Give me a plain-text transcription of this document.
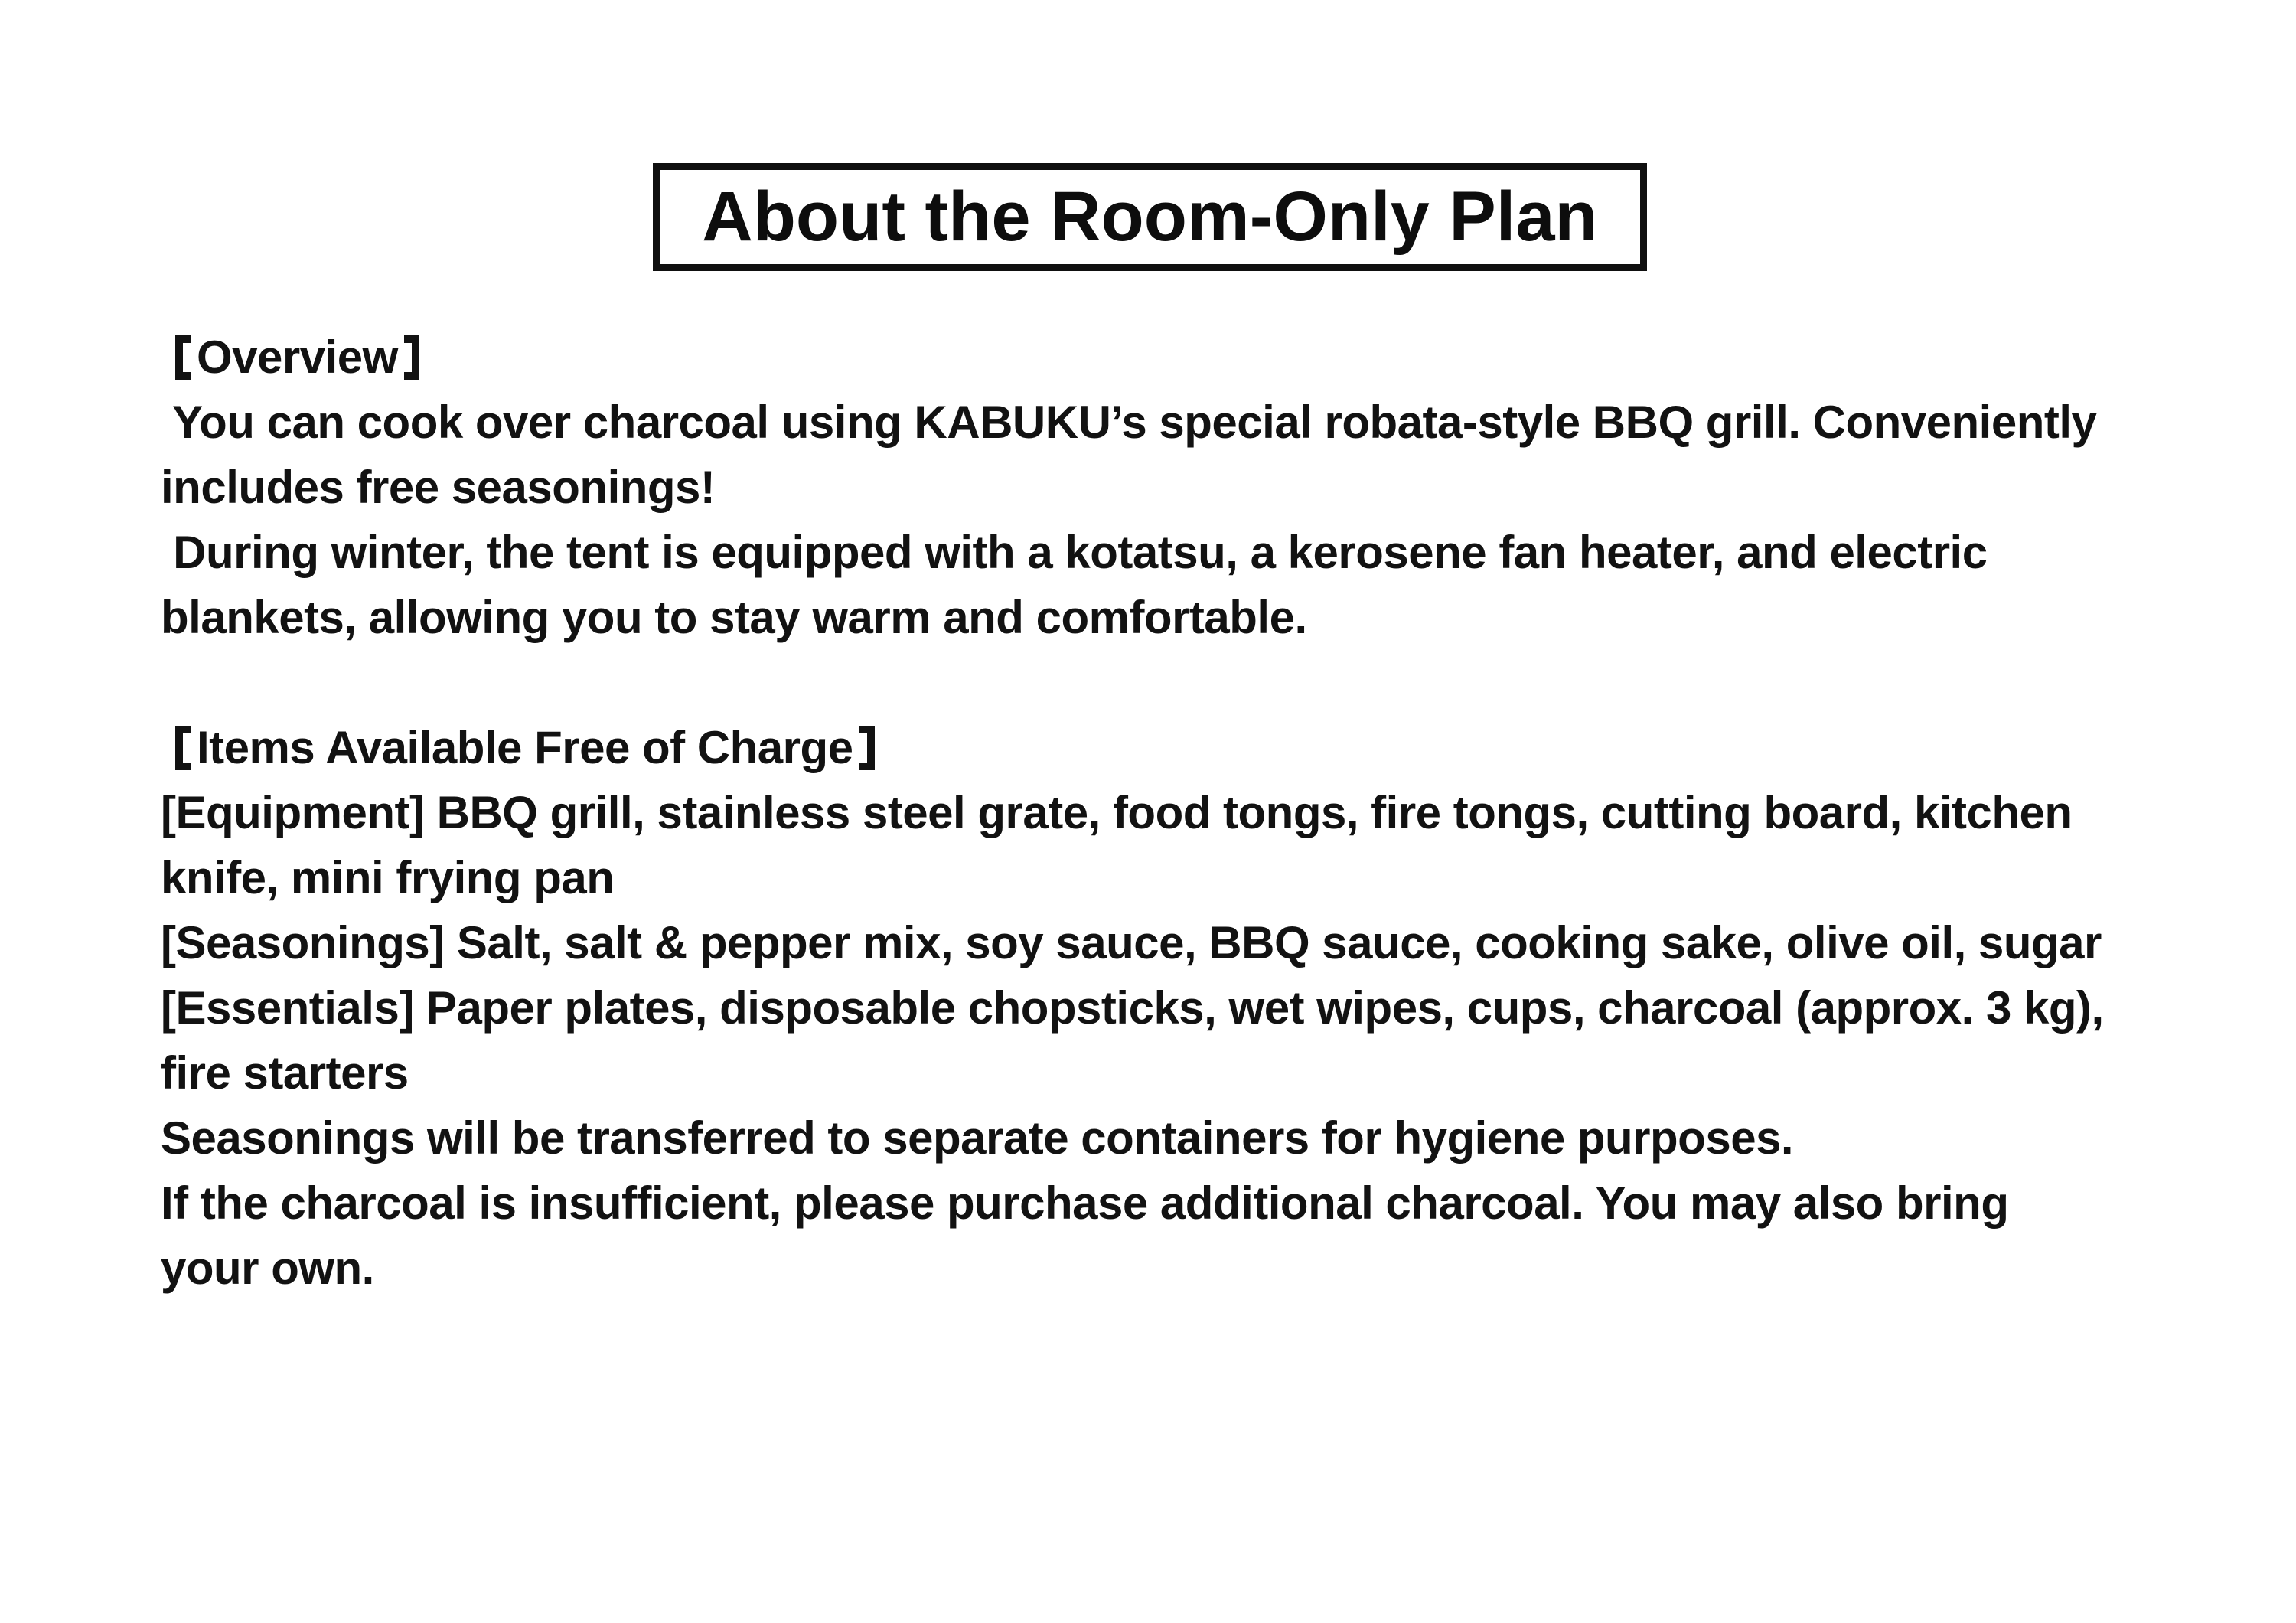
About the Room-Only Plan
Overview
You can cook over charcoal using KABUKU’s special robata-style BBQ grill. Conveniently
includes free seasonings!
During winter, the tent is equipped with a kotatsu, a kerosene fan heater, and electric
blankets, allowing you to stay warm and comfortable.
Items Available Free of Charge
[Equipment] BBQ grill, stainless steel grate, food tongs, fire tongs, cutting board, kitchen
knife, mini frying pan
[Seasonings] Salt, salt & pepper mix, soy sauce, BBQ sauce, cooking sake, olive oil, sugar
[Essentials] Paper plates, disposable chopsticks, wet wipes, cups, charcoal (approx. 3 kg),
fire starters
Seasonings will be transferred to separate containers for hygiene purposes.
If the charcoal is insufficient, please purchase additional charcoal. You may also bring
your own.
